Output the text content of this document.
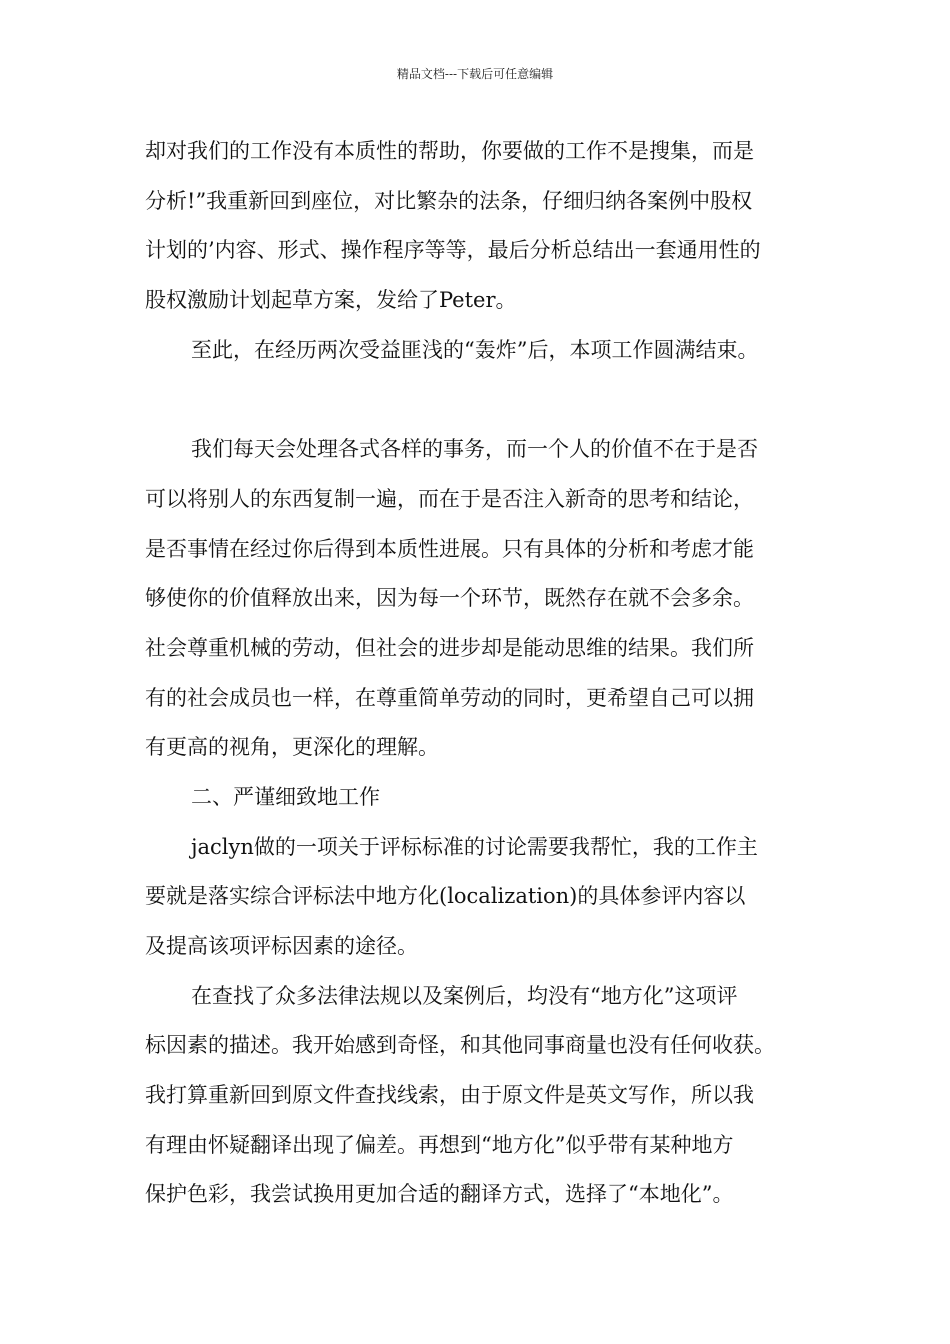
精品文档---下载后可任意编辑
却对我们的工作没有本质性的帮助，你要做的工作不是搜集，而是
分析!”我重新回到座位，对比繁杂的法条，仔细归纳各案例中股权
计划的’内容、形式、操作程序等等，最后分析总结出一套通用性的
股权激励计划起草方案，发给了Peter。
至此，在经历两次受益匪浅的“轰炸”后，本项工作圆满结束。
我们每天会处理各式各样的事务，而一个人的价值不在于是否
可以将别人的东西复制一遍，而在于是否注入新奇的思考和结论，
是否事情在经过你后得到本质性进展。只有具体的分析和考虑才能
够使你的价值释放出来，因为每一个环节，既然存在就不会多余。
社会尊重机械的劳动，但社会的进步却是能动思维的结果。我们所
有的社会成员也一样，在尊重简单劳动的同时，更希望自己可以拥
有更高的视角，更深化的理解。
二、严谨细致地工作
jaclyn做的一项关于评标标准的讨论需要我帮忙，我的工作主
要就是落实综合评标法中地方化(localization)的具体参评内容以
及提高该项评标因素的途径。
在查找了众多法律法规以及案例后，均没有“地方化”这项评
标因素的描述。我开始感到奇怪，和其他同事商量也没有任何收获。
我打算重新回到原文件查找线索，由于原文件是英文写作，所以我
有理由怀疑翻译出现了偏差。再想到“地方化”似乎带有某种地方
保护色彩，我尝试换用更加合适的翻译方式，选择了“本地化”。
